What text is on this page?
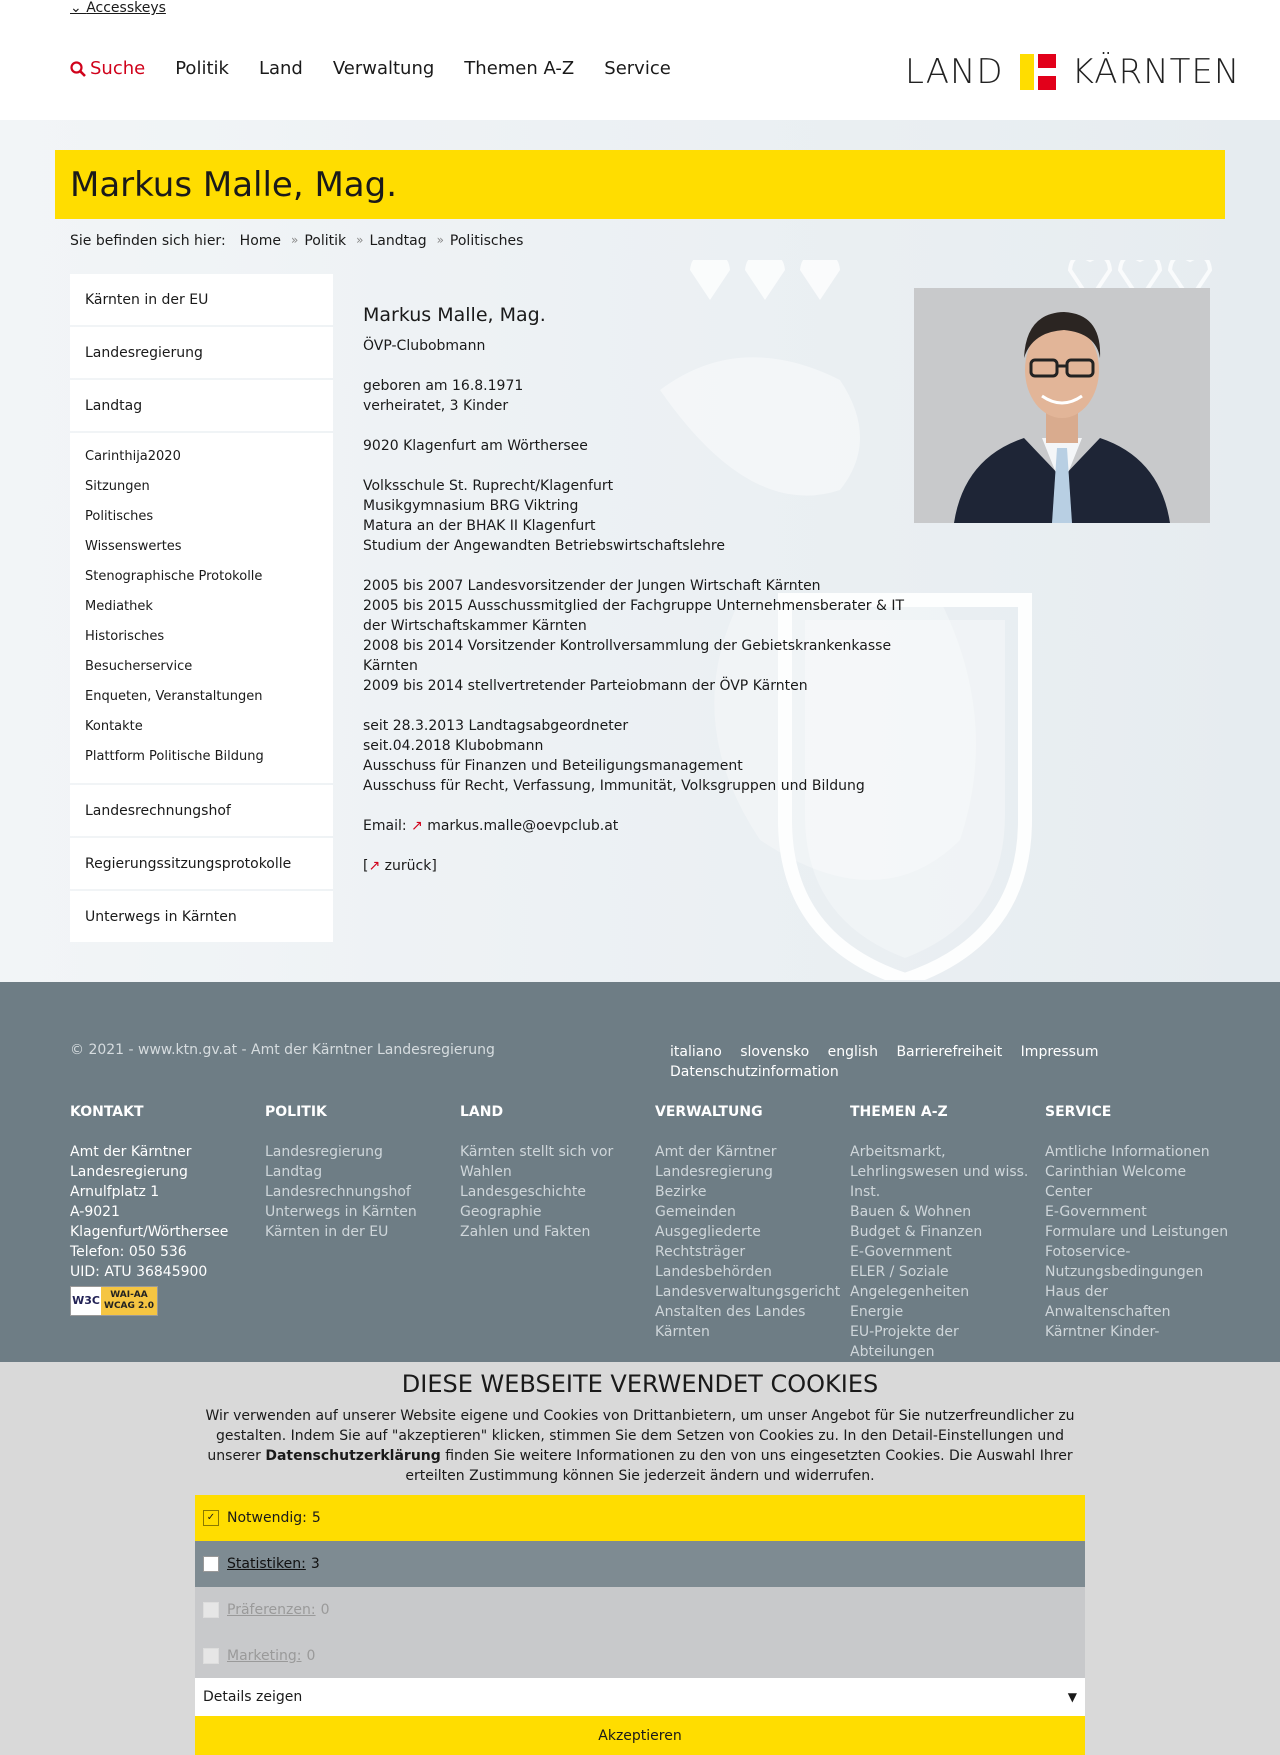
⌄ Accesskeys
Suche Politik Land Verwaltung Themen A-Z Service	LAND KÄRNTEN
Markus Malle, Mag.
Sie befinden sich hier: Home » Politik » Landtag » Politisches
Kärnten in der EU
Landesregierung
Landtag
Carinthija2020
Sitzungen
Politisches
Wissenswertes
Stenographische Protokolle
Mediathek
Historisches
Besucherservice
Enqueten, Veranstaltungen
Kontakte
Plattform Politische Bildung
Landesrechnungshof
Regierungssitzungsprotokolle
Unterwegs in Kärnten
Markus Malle, Mag.
ÖVP-Clubobmann
geboren am 16.8.1971
verheiratet, 3 Kinder
9020 Klagenfurt am Wörthersee
Volksschule St. Ruprecht/Klagenfurt
Musikgymnasium BRG Viktring
Matura an der BHAK II Klagenfurt
Studium der Angewandten Betriebswirtschaftslehre
2005 bis 2007 Landesvorsitzender der Jungen Wirtschaft Kärnten
2005 bis 2015 Ausschussmitglied der Fachgruppe Unternehmensberater & IT der Wirtschaftskammer Kärnten
2008 bis 2014 Vorsitzender Kontrollversammlung der Gebietskrankenkasse Kärnten
2009 bis 2014 stellvertretender Parteiobmann der ÖVP Kärnten
seit 28.3.2013 Landtagsabgeordneter
seit.04.2018 Klubobmann
Ausschuss für Finanzen und Beteiligungsmanagement
Ausschuss für Recht, Verfassung, Immunität, Volksgruppen und Bildung
Email: ↗ markus.malle@oevpclub.at
[↗ zurück]
© 2021 - www.ktn.gv.at - Amt der Kärntner Landesregierung	italiano slovensko english Barrierefreiheit Impressum Datenschutzinformation
KONTAKT
Amt der Kärntner Landesregierung
Arnulfplatz 1
A-9021 Klagenfurt/Wörthersee
Telefon: 050 536
UID: ATU 36845900
W3C WAI-AA
WCAG 2.0
POLITIK
Landesregierung
Landtag
Landesrechnungshof
Unterwegs in Kärnten
Kärnten in der EU
LAND
Kärnten stellt sich vor
Wahlen
Landesgeschichte
Geographie
Zahlen und Fakten
VERWALTUNG
Amt der Kärntner Landesregierung
Bezirke
Gemeinden
Ausgegliederte Rechtsträger
Landesbehörden
Landesverwaltungsgericht
Anstalten des Landes Kärnten
THEMEN A-Z
Arbeitsmarkt, Lehrlingswesen und wiss. Inst.
Bauen & Wohnen
Budget & Finanzen
E-Government
ELER / Soziale Angelegenheiten
Energie
EU-Projekte der Abteilungen
SERVICE
Amtliche Informationen
Carinthian Welcome Center
E-Government
Formulare und Leistungen
Fotoservice-Nutzungsbedingungen
Haus der Anwaltenschaften
Kärntner Kinder-
DIESE WEBSEITE VERWENDET COOKIES

Wir verwenden auf unserer Website eigene und Cookies von Drittanbietern, um unser Angebot für Sie nutzerfreundlicher zu gestalten. Indem Sie auf "akzeptieren" klicken, stimmen Sie dem Setzen von Cookies zu. In den Detail-Einstellungen und unserer Datenschutzerklärung finden Sie weitere Informationen zu den von uns eingesetzten Cookies. Die Auswahl Ihrer erteilten Zustimmung können Sie jederzeit ändern und widerrufen.

✓ Notwendig: 5
Statistiken: 3
Präferenzen: 0
Marketing: 0
Details zeigen	▼
Akzeptieren
